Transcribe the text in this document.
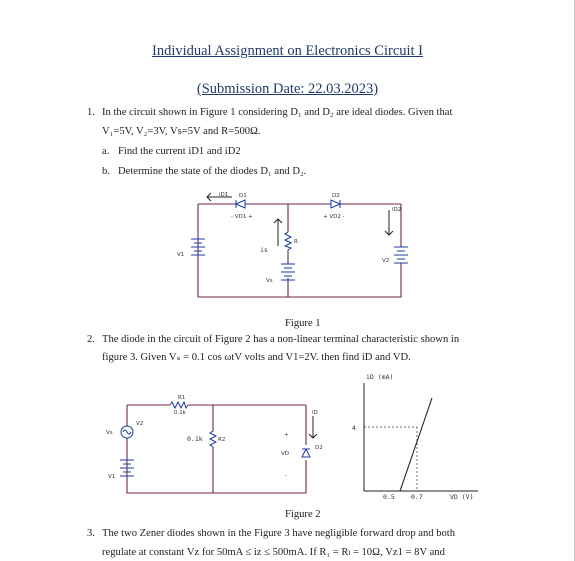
Individual Assignment on Electronics Circuit I
(Submission Date: 22.03.2023)
1. In the circuit shown in Figure 1 considering D₁ and D₂ are ideal diodes. Given that
V₁=5V, V₂=3V, Vs=5V and R=500Ω.
a. Find the current iD1 and iD2
b. Determine the state of the diodes D₁ and D₂.
iD1 D1
- VD1 +
D2
+ VD2 -
iD2
R
is
V1
Vs
V2
Figure 1
2. The diode in the circuit of Figure 2 has a non-linear terminal characteristic shown in
figure 3. Given Vₛ = 0.1 cos ωtV volts and V1=2V. then find iD and VD.
R1
0.1k
Vs
V2
0.1k	R2
+
VD
-
iD
D2
V1
iD (mA)
4
0.5	0.7	VD (V)
Figure 2
3. The two Zener diodes shown in the Figure 3 have negligible forward drop and both
regulate at constant Vz for 50mA ≤ iz ≤ 500mA. If R₁ = Rₗ = 10Ω, Vz1 = 8V and
